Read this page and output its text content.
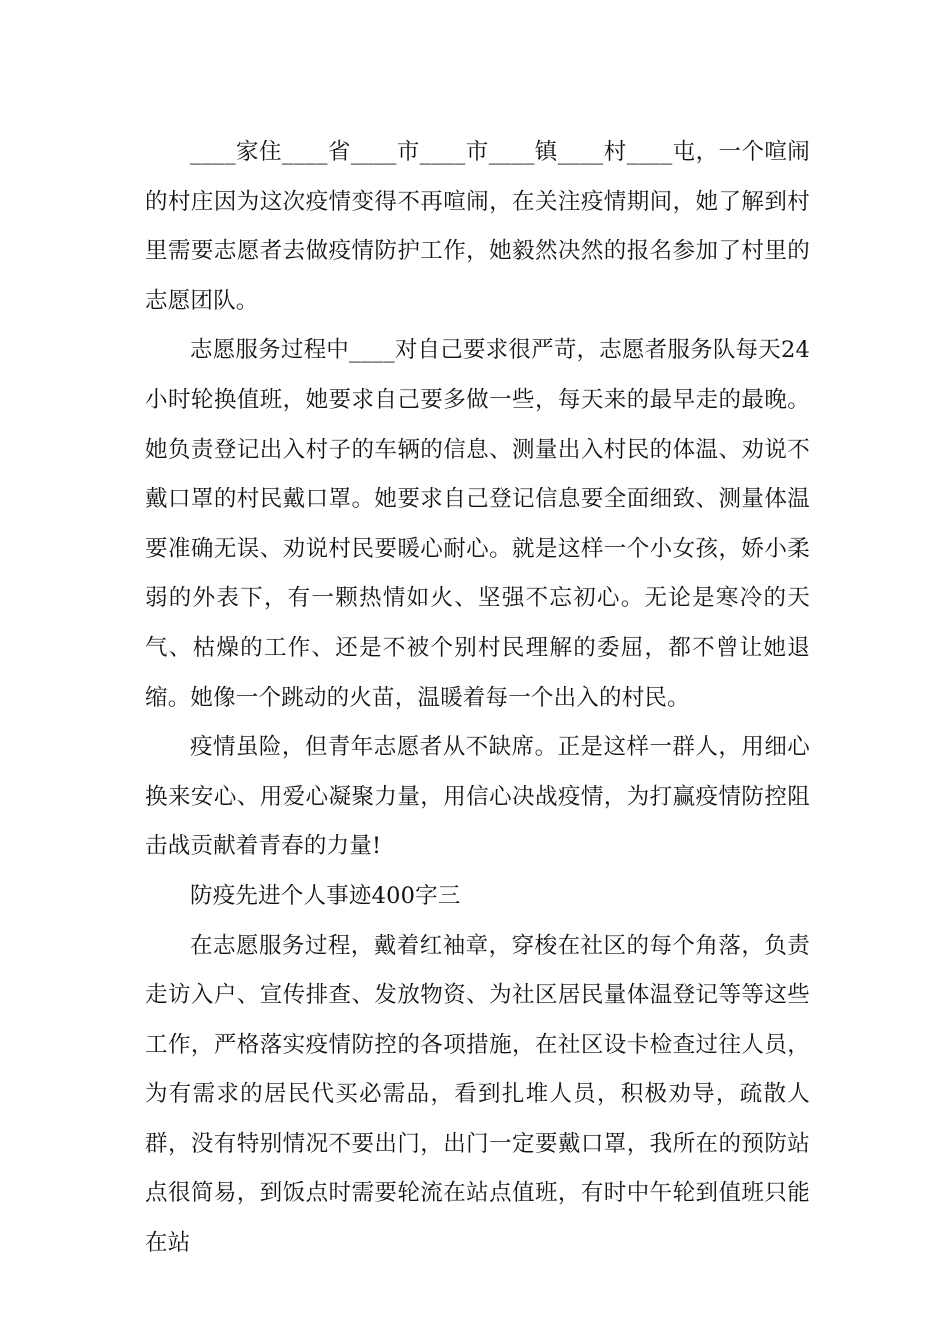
____家住____省____市____市____镇____村____屯，一个喧闹的村庄因为这次疫情变得不再喧闹，在关注疫情期间，她了解到村里需要志愿者去做疫情防护工作，她毅然决然的报名参加了村里的志愿团队。

志愿服务过程中____对自己要求很严苛，志愿者服务队每天24小时轮换值班，她要求自己要多做一些，每天来的最早走的最晚。她负责登记出入村子的车辆的信息、测量出入村民的体温、劝说不戴口罩的村民戴口罩。她要求自己登记信息要全面细致、测量体温要准确无误、劝说村民要暖心耐心。就是这样一个小女孩，娇小柔弱的外表下，有一颗热情如火、坚强不忘初心。无论是寒冷的天气、枯燥的工作、还是不被个别村民理解的委屈，都不曾让她退缩。她像一个跳动的火苗，温暖着每一个出入的村民。

疫情虽险，但青年志愿者从不缺席。正是这样一群人，用细心换来安心、用爱心凝聚力量，用信心决战疫情，为打赢疫情防控阻击战贡献着青春的力量!

防疫先进个人事迹400字三

在志愿服务过程，戴着红袖章，穿梭在社区的每个角落，负责走访入户、宣传排查、发放物资、为社区居民量体温登记等等这些工作，严格落实疫情防控的各项措施，在社区设卡检查过往人员，为有需求的居民代买必需品，看到扎堆人员，积极劝导，疏散人群，没有特别情况不要出门，出门一定要戴口罩，我所在的预防站点很简易，到饭点时需要轮流在站点值班，有时中午轮到值班只能在站
